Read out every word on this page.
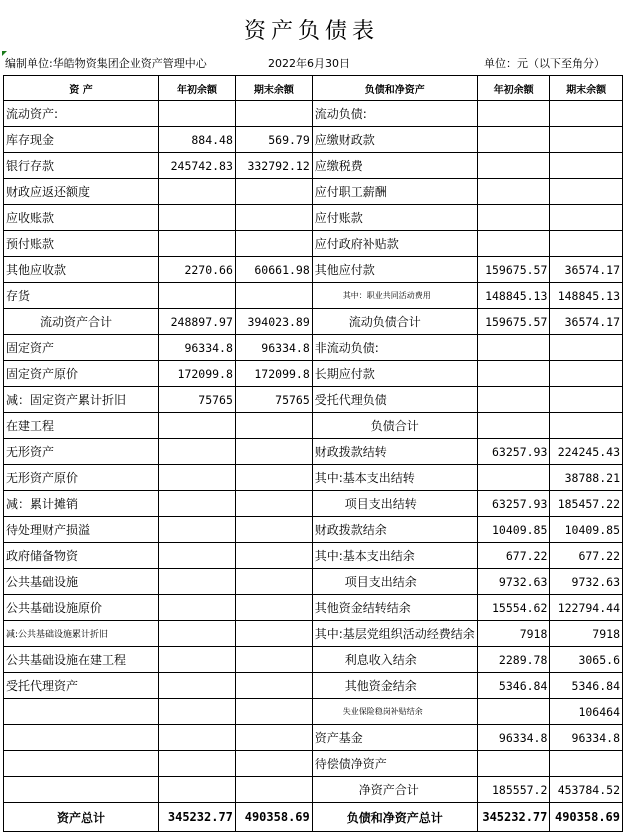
资产负债表
编制单位:华皓物资集团企业资产管理中心	2022年6月30日	单位：元（以下至角分）
资 产	年初余额	期末余额	负债和净资产	年初余额	期末余额
流动资产:			流动负债:		
库存现金	884.48	569.79	应缴财政款		
银行存款	245742.83	332792.12	应缴税费		
财政应返还额度			应付职工薪酬		
应收账款			应付账款		
预付账款			应付政府补贴款		
其他应收款	2270.66	60661.98	其他应付款	159675.57	36574.17
存货			其中：职业共同活动费用	148845.13	148845.13
流动资产合计	248897.97	394023.89	流动负债合计	159675.57	36574.17
固定资产	96334.8	96334.8	非流动负债:		
固定资产原价	172099.8	172099.8	长期应付款		
减：固定资产累计折旧	75765	75765	受托代理负债		
在建工程			负债合计		
无形资产			财政拨款结转	63257.93	224245.43
无形资产原价			其中:基本支出结转		38788.21
减：累计摊销			项目支出结转	63257.93	185457.22
待处理财产损溢			财政拨款结余	10409.85	10409.85
政府储备物资			其中:基本支出结余	677.22	677.22
公共基础设施			项目支出结余	9732.63	9732.63
公共基础设施原价			其他资金结转结余	15554.62	122794.44
减:公共基础设施累计折旧			其中:基层党组织活动经费结余	7918	7918
公共基础设施在建工程			利息收入结余	2289.78	3065.6
受托代理资产			其他资金结余	5346.84	5346.84
			失业保险稳岗补贴结余		106464
			资产基金	96334.8	96334.8
			待偿债净资产		
			净资产合计	185557.2	453784.52
资产总计	345232.77	490358.69	负债和净资产总计	345232.77	490358.69
